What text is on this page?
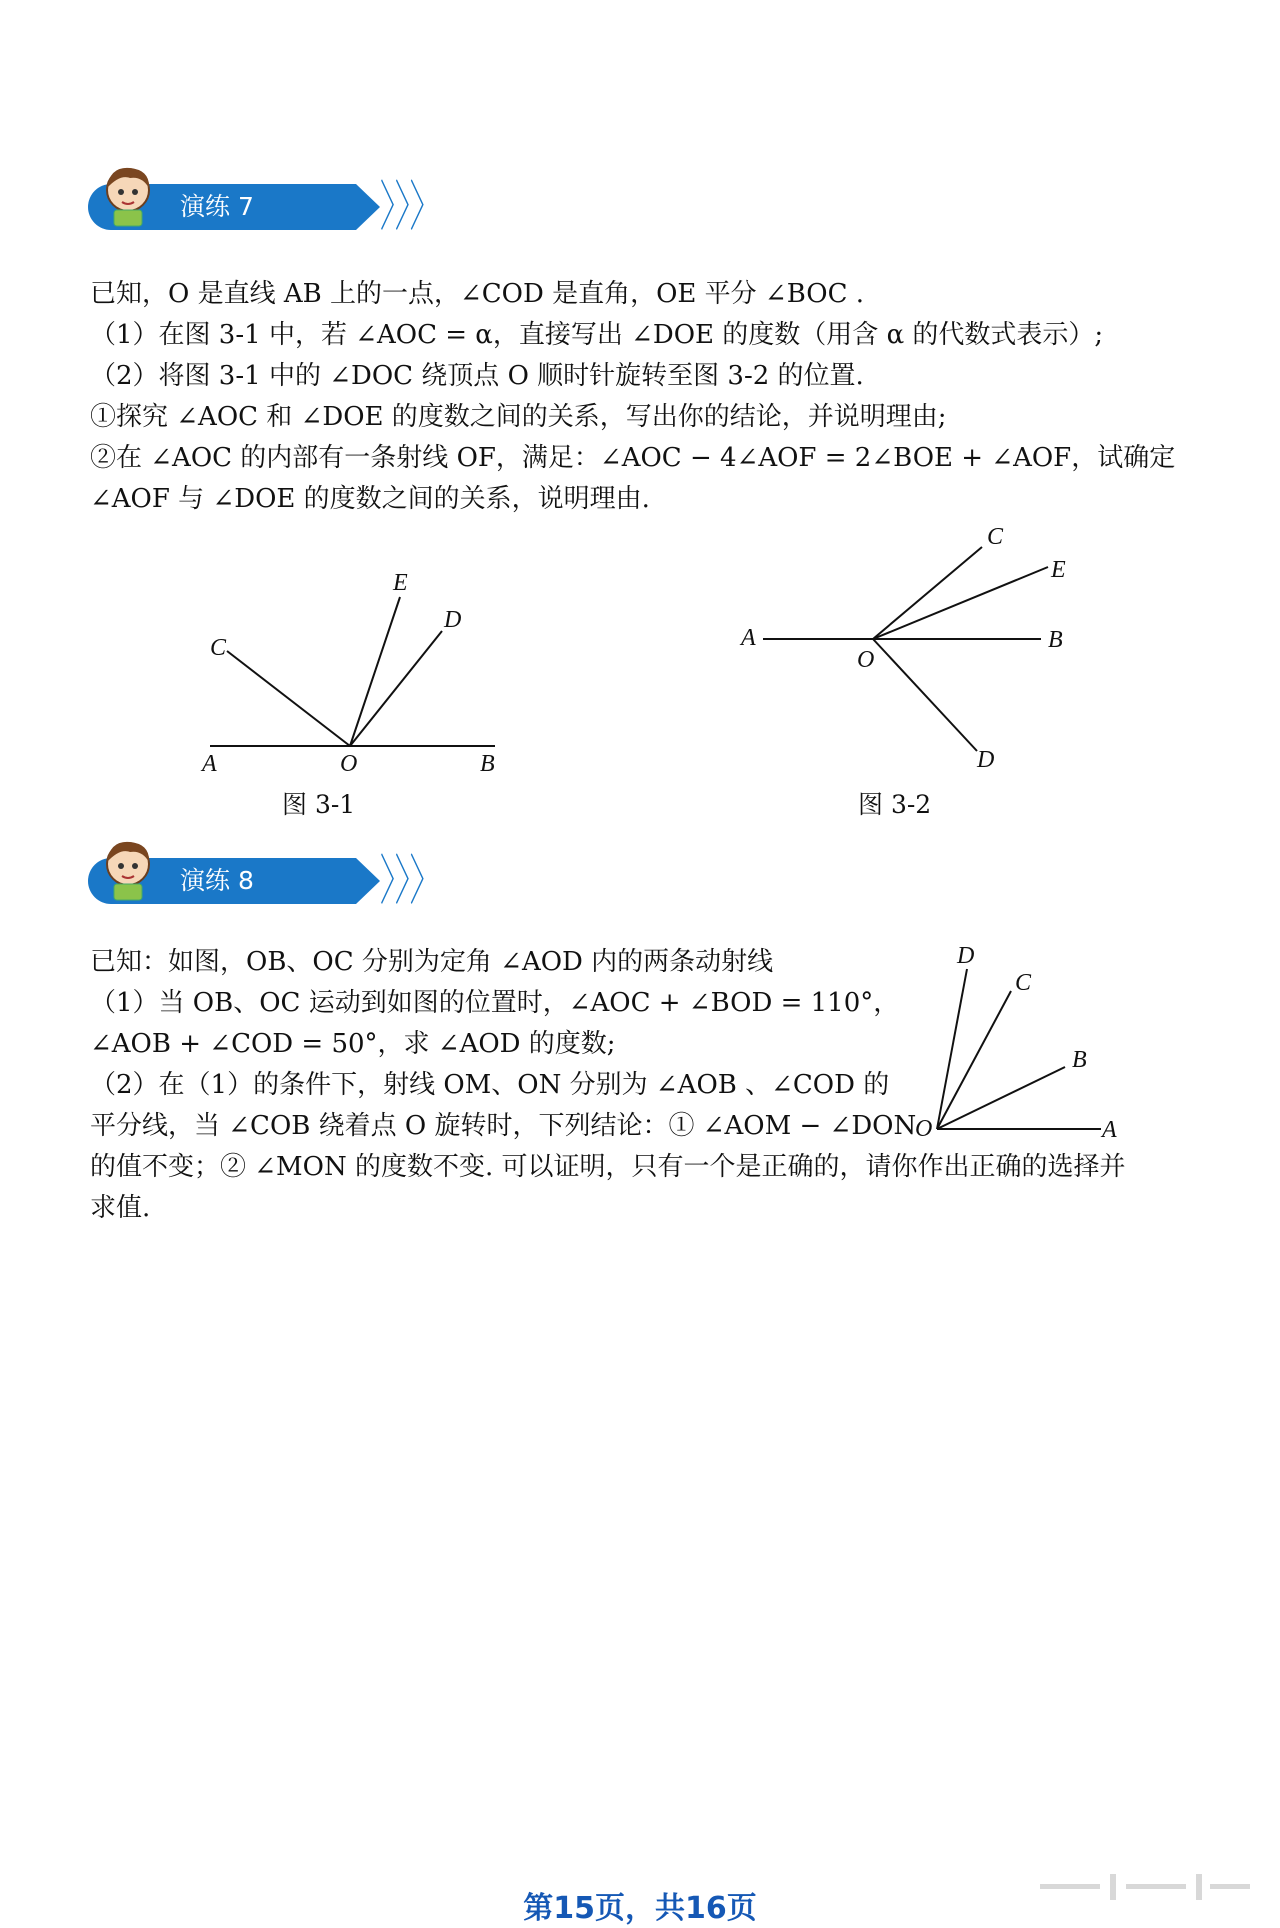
〉〉〉
演练 7

已知，O 是直线 AB 上的一点，∠COD 是直角，OE 平分 ∠BOC .

（1）在图 3-1 中，若 ∠AOC = α，直接写出 ∠DOE 的度数（用含 α 的代数式表示）;

（2）将图 3-1 中的 ∠DOC 绕顶点 O 顺时针旋转至图 3-2 的位置.

①探究 ∠AOC 和 ∠DOE 的度数之间的关系，写出你的结论，并说明理由;

②在 ∠AOC 的内部有一条射线 OF，满足：∠AOC − 4∠AOF = 2∠BOE + ∠AOF，试确定

∠AOF 与 ∠DOE 的度数之间的关系，说明理由.

A	O	B
C
E
D
图 3-1
A
O
B
C
E
D
图 3-2
〉〉〉
演练 8

已知：如图，OB、OC 分别为定角 ∠AOD 内的两条动射线

（1）当 OB、OC 运动到如图的位置时，∠AOC + ∠BOD = 110°，

∠AOB + ∠COD = 50°，求 ∠AOD 的度数;

（2）在（1）的条件下，射线 OM、ON 分别为 ∠AOB 、∠COD 的

平分线，当 ∠COB 绕着点 O 旋转时，下列结论：① ∠AOM − ∠DON

的值不变；② ∠MON 的度数不变. 可以证明，只有一个是正确的，请你作出正确的选择并

求值.

O	A
B
C
D
第15页，共16页
